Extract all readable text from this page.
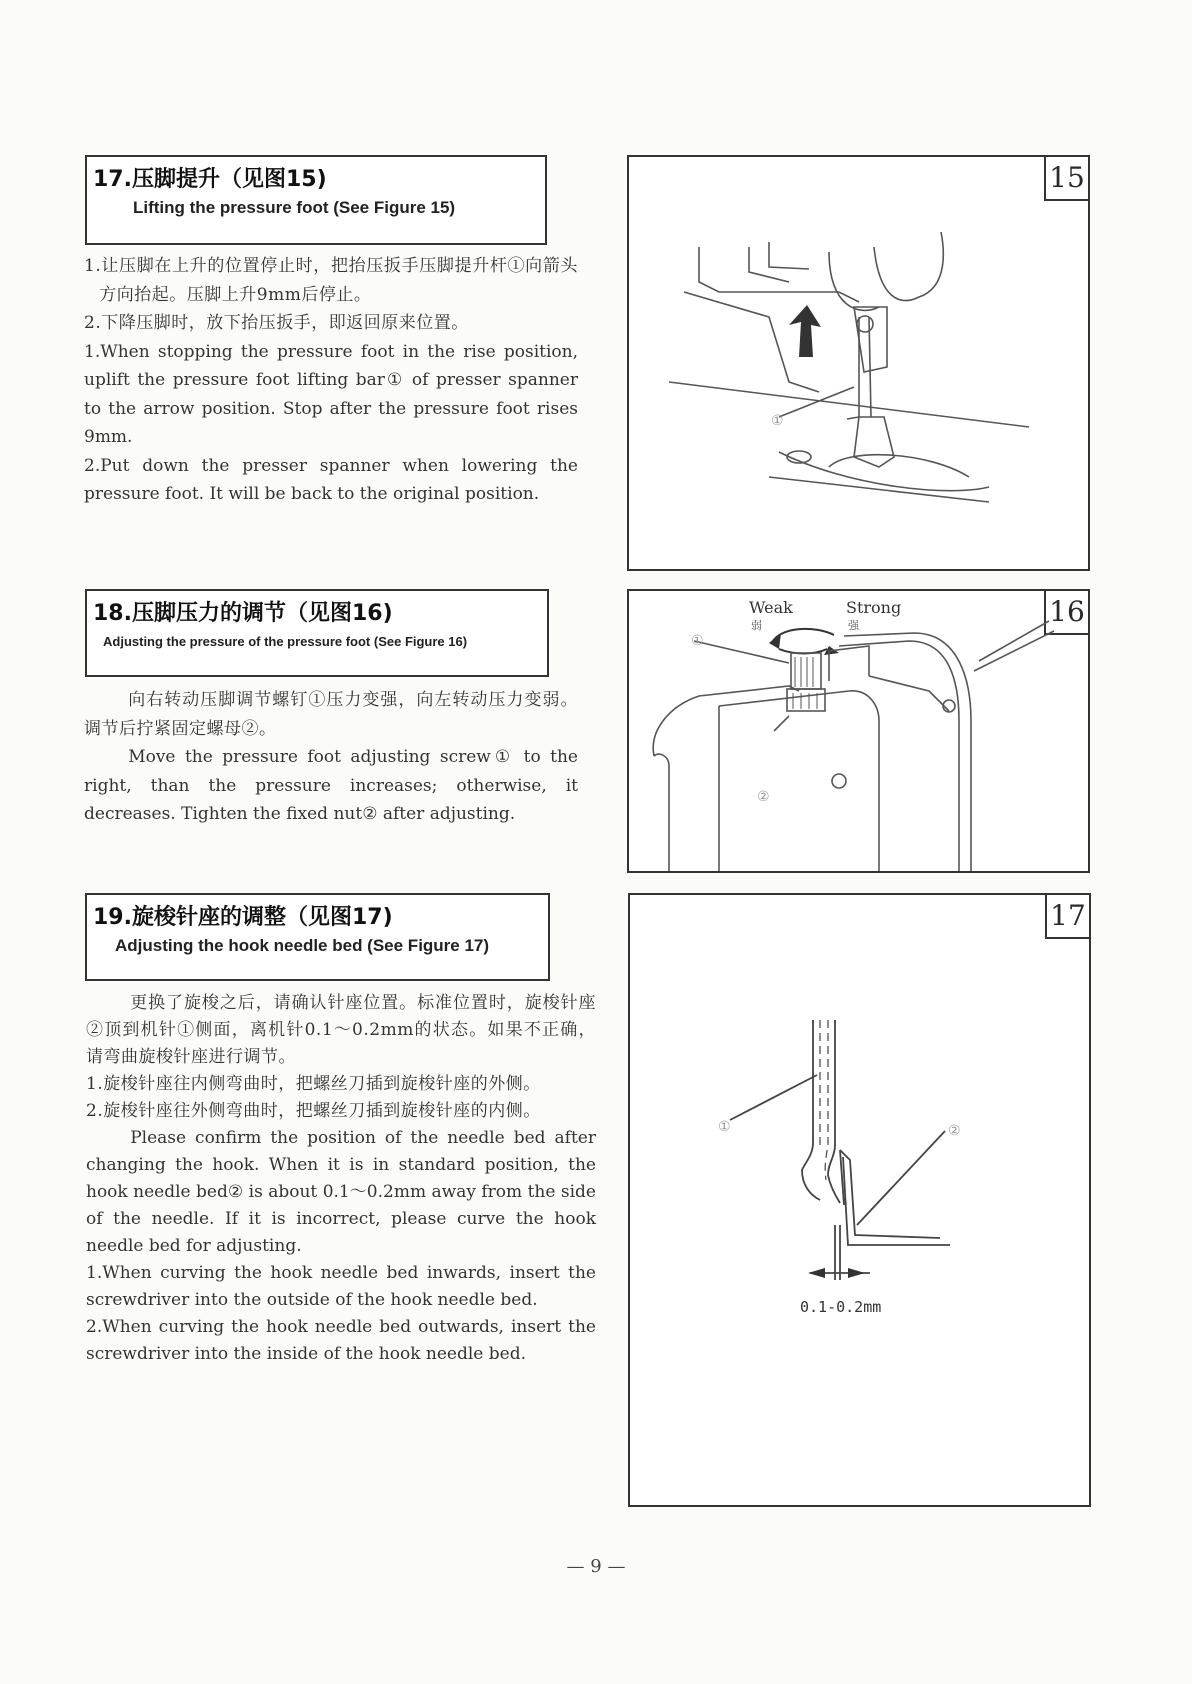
17.压脚提升（见图15)
Lifting the pressure foot (See Figure 15)

1.让压脚在上升的位置停止时，把抬压扳手压脚提升杆①向箭头方向抬起。压脚上升9mm后停止。

2.下降压脚时，放下抬压扳手，即返回原来位置。

1.When stopping the pressure foot in the rise position, uplift the pressure foot lifting bar① of presser spanner to the arrow position. Stop after the pressure foot rises 9mm.

2.Put down the presser spanner when lowering the pressure foot. It will be back to the original position.

18.压脚压力的调节（见图16)
Adjusting the pressure of the pressure foot (See Figure 16)

向右转动压脚调节螺钉①压力变强，向左转动压力变弱。调节后拧紧固定螺母②。

Move the pressure foot adjusting screw① to the right, than the pressure increases; otherwise, it decreases. Tighten the fixed nut② after adjusting.

19.旋梭针座的调整（见图17)
Adjusting the hook needle bed (See Figure 17)

更换了旋梭之后，请确认针座位置。标准位置时，旋梭针座②顶到机针①侧面，离机针0.1～0.2mm的状态。如果不正确，请弯曲旋梭针座进行调节。

1.旋梭针座往内侧弯曲时，把螺丝刀插到旋梭针座的外侧。

2.旋梭针座往外侧弯曲时，把螺丝刀插到旋梭针座的内侧。

Please confirm the position of the needle bed after changing the hook. When it is in standard position, the hook needle bed② is about 0.1～0.2mm away from the side of the needle. If it is incorrect, please curve the hook needle bed for adjusting.

1.When curving the hook needle bed inwards, insert the screwdriver into the outside of the hook needle bed.

2.When curving the hook needle bed outwards, insert the screwdriver into the inside of the hook needle bed.

15
①
16
Weak
弱
Strong
强
①
②
17
①	②
0.1-0.2mm
— 9 —
